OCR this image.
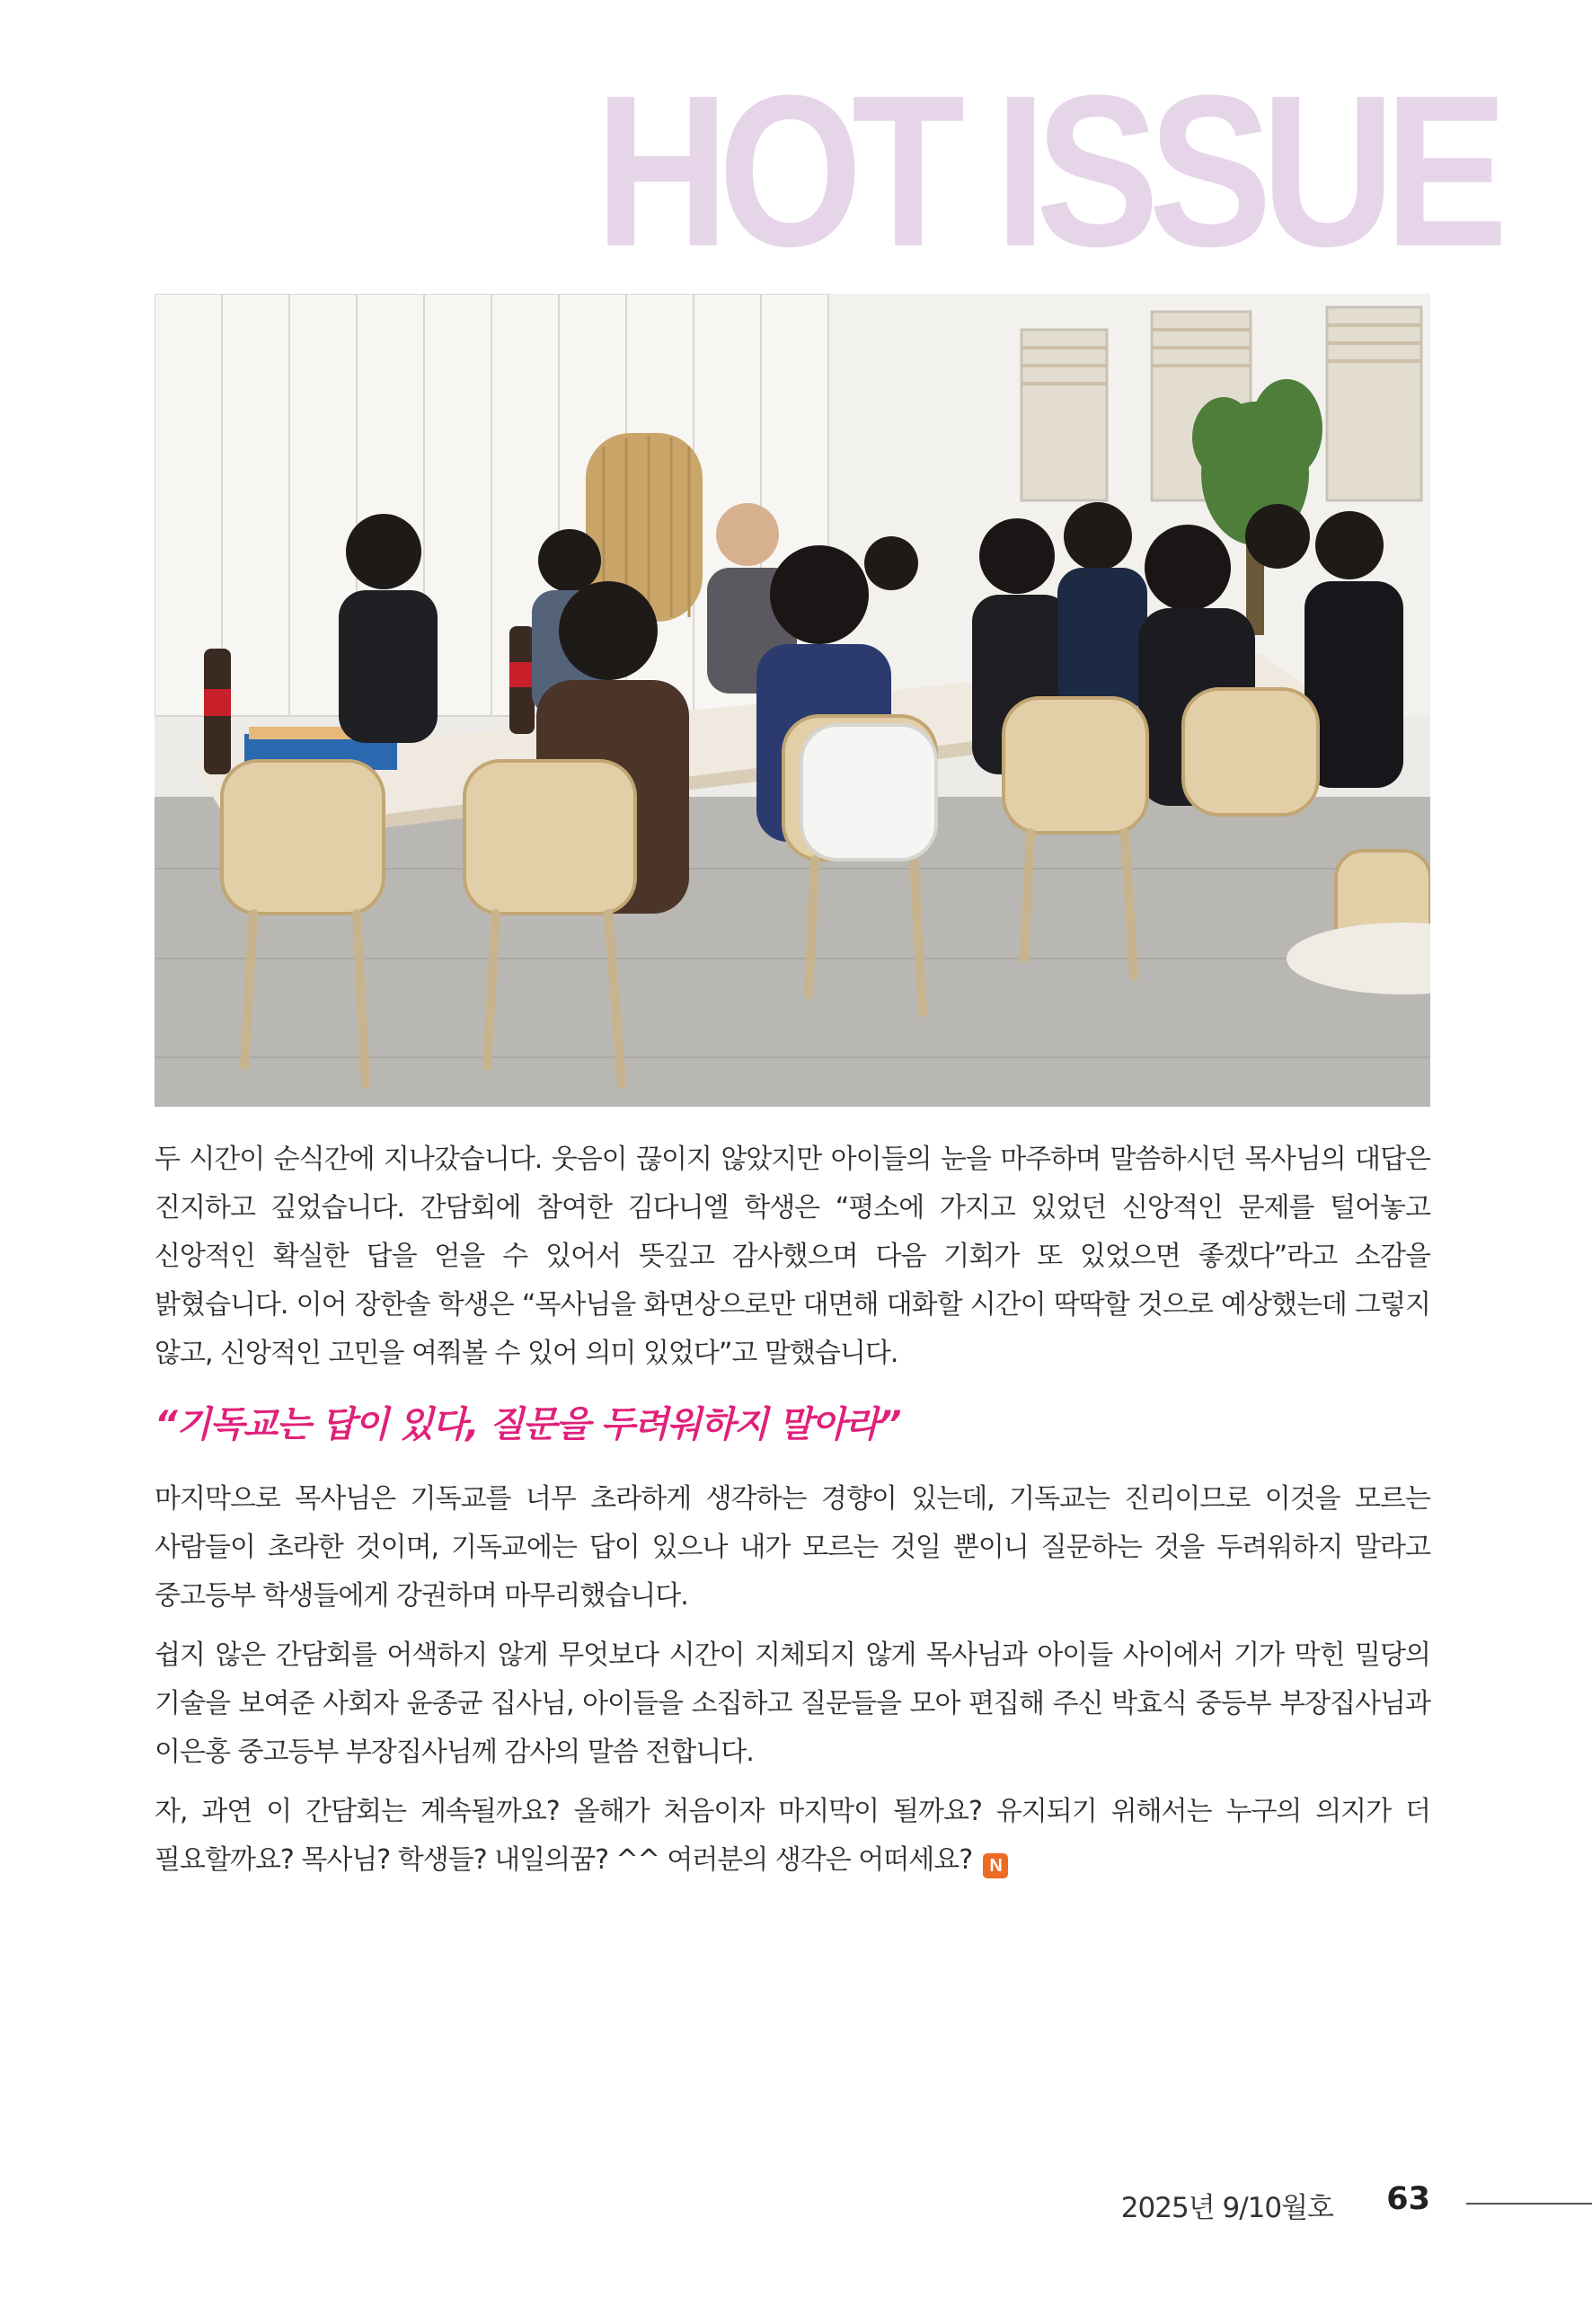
HOT ISSUE

두 시간이 순식간에 지나갔습니다. 웃음이 끊이지 않았지만 아이들의 눈을 마주하며 말씀하시던 목사님의 대답은 진지하고 깊었습니다. 간담회에 참여한 김다니엘 학생은 “평소에 가지고 있었던 신앙적인 문제를 털어놓고 신앙적인 확실한 답을 얻을 수 있어서 뜻깊고 감사했으며 다음 기회가 또 있었으면 좋겠다”라고 소감을 밝혔습니다. 이어 장한솔 학생은 “목사님을 화면상으로만 대면해 대화할 시간이 딱딱할 것으로 예상했는데 그렇지 않고, 신앙적인 고민을 여쭤볼 수 있어 의미 있었다”고 말했습니다.

“기독교는 답이 있다, 질문을 두려워하지 말아라”

마지막으로 목사님은 기독교를 너무 초라하게 생각하는 경향이 있는데, 기독교는 진리이므로 이것을 모르는 사람들이 초라한 것이며, 기독교에는 답이 있으나 내가 모르는 것일 뿐이니 질문하는 것을 두려워하지 말라고 중고등부 학생들에게 강권하며 마무리했습니다.

쉽지 않은 간담회를 어색하지 않게 무엇보다 시간이 지체되지 않게 목사님과 아이들 사이에서 기가 막힌 밀당의 기술을 보여준 사회자 윤종균 집사님, 아이들을 소집하고 질문들을 모아 편집해 주신 박효식 중등부 부장집사님과 이은홍 중고등부 부장집사님께 감사의 말씀 전합니다.

자, 과연 이 간담회는 계속될까요? 올해가 처음이자 마지막이 될까요? 유지되기 위해서는 누구의 의지가 더 필요할까요? 목사님? 학생들? 내일의꿈? ^^ 여러분의 생각은 어떠세요? N

2025년 9/10월호 63
